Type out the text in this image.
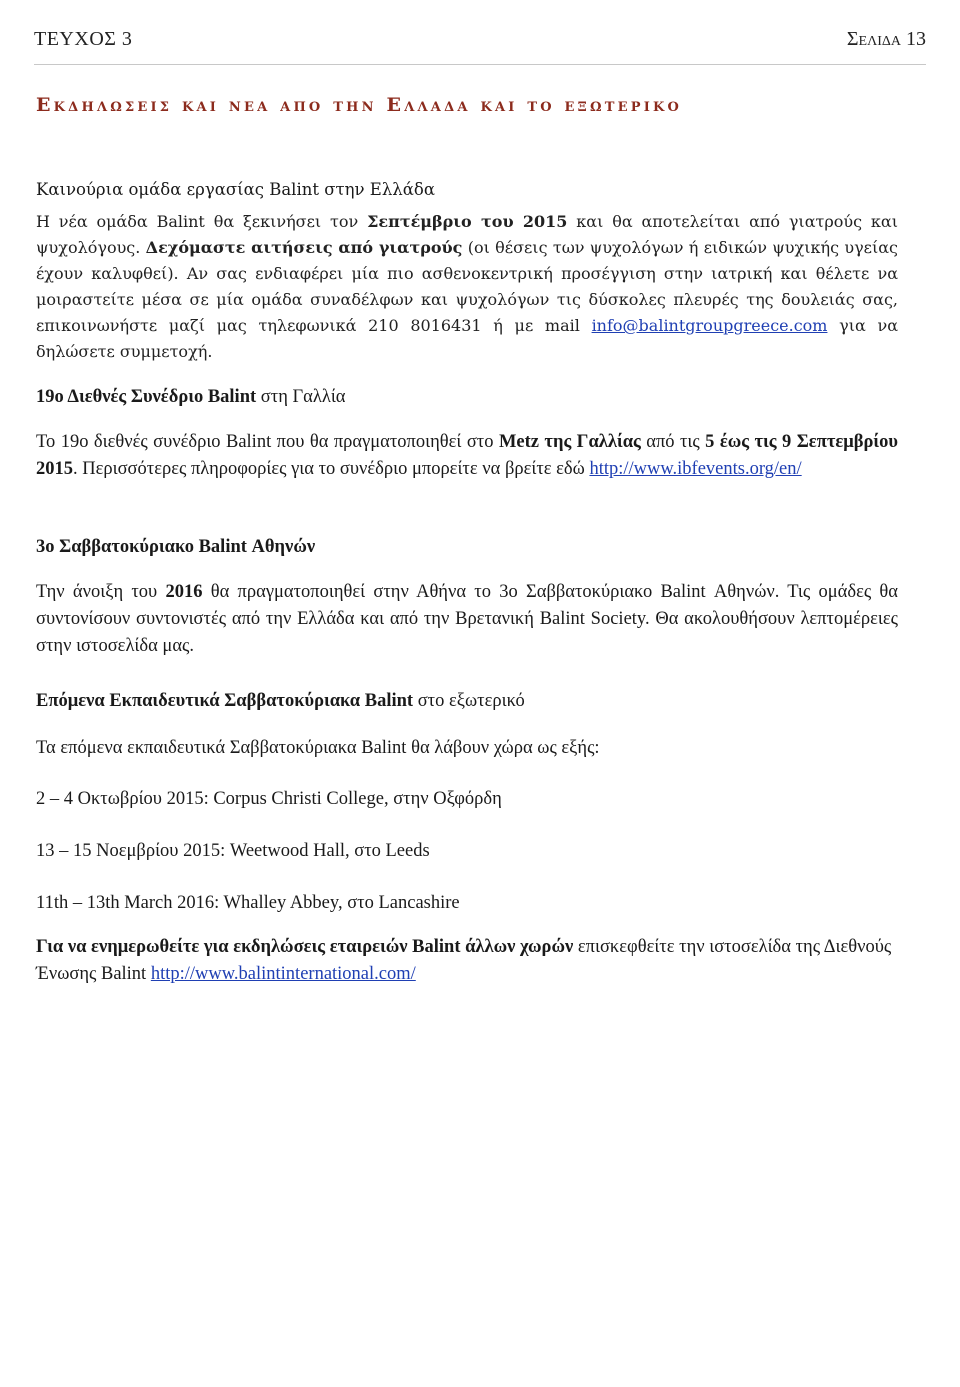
ΤΕΥΧΟΣ 3	Σελιδα 13
Εκδηλωσεις και νεα απο την Ελλαδα και το εξωτερικο
Καινούρια ομάδα εργασίας Balint στην Ελλάδα

Η νέα ομάδα Balint θα ξεκινήσει τον Σεπτέμβριο του 2015 και θα αποτελείται από γιατρούς και ψυχολόγους. Δεχόμαστε αιτήσεις από γιατρούς (οι θέσεις των ψυχολόγων ή ειδικών ψυχικής υγείας έχουν καλυφθεί). Αν σας ενδιαφέρει μία πιο ασθενοκεντρική προσέγγιση στην ιατρική και θέλετε να μοιραστείτε μέσα σε μία ομάδα συναδέλφων και ψυχολόγων τις δύσκολες πλευρές της δουλειάς σας, επικοινωνήστε μαζί μας τηλεφωνικά 210 8016431 ή με mail info@balintgroupgreece.com για να δηλώσετε συμμετοχή.

19ο Διεθνές Συνέδριο Balint στη Γαλλία

Το 19ο διεθνές συνέδριο Balint που θα πραγματοποιηθεί στο Metz της Γαλλίας από τις 5 έως τις 9 Σεπτεμβρίου 2015. Περισσότερες πληροφορίες για το συνέδριο μπορείτε να βρείτε εδώ http://www.ibfevents.org/en/

3ο Σαββατοκύριακο Balint Αθηνών

Την άνοιξη του 2016 θα πραγματοποιηθεί στην Αθήνα το 3ο Σαββατοκύριακο Balint Αθηνών. Τις ομάδες θα συντονίσουν συντονιστές από την Ελλάδα και από την Βρετανική Balint Society. Θα ακολουθήσουν λεπτομέρειες στην ιστοσελίδα μας.

Επόμενα Εκπαιδευτικά Σαββατοκύριακα Balint στο εξωτερικό
Τα επόμενα εκπαιδευτικά Σαββατοκύριακα Balint θα λάβουν χώρα ως εξής:
2 – 4 Οκτωβρίου 2015: Corpus Christi College, στην Οξφόρδη
13 – 15 Νοεμβρίου 2015: Weetwood Hall, στο Leeds
11th – 13th March 2016: Whalley Abbey, στο Lancashire

Για να ενημερωθείτε για εκδηλώσεις εταιρειών Balint άλλων χωρών επισκεφθείτε την ιστοσελίδα της Διεθνούς Ένωσης Balint http://www.balintinternational.com/
